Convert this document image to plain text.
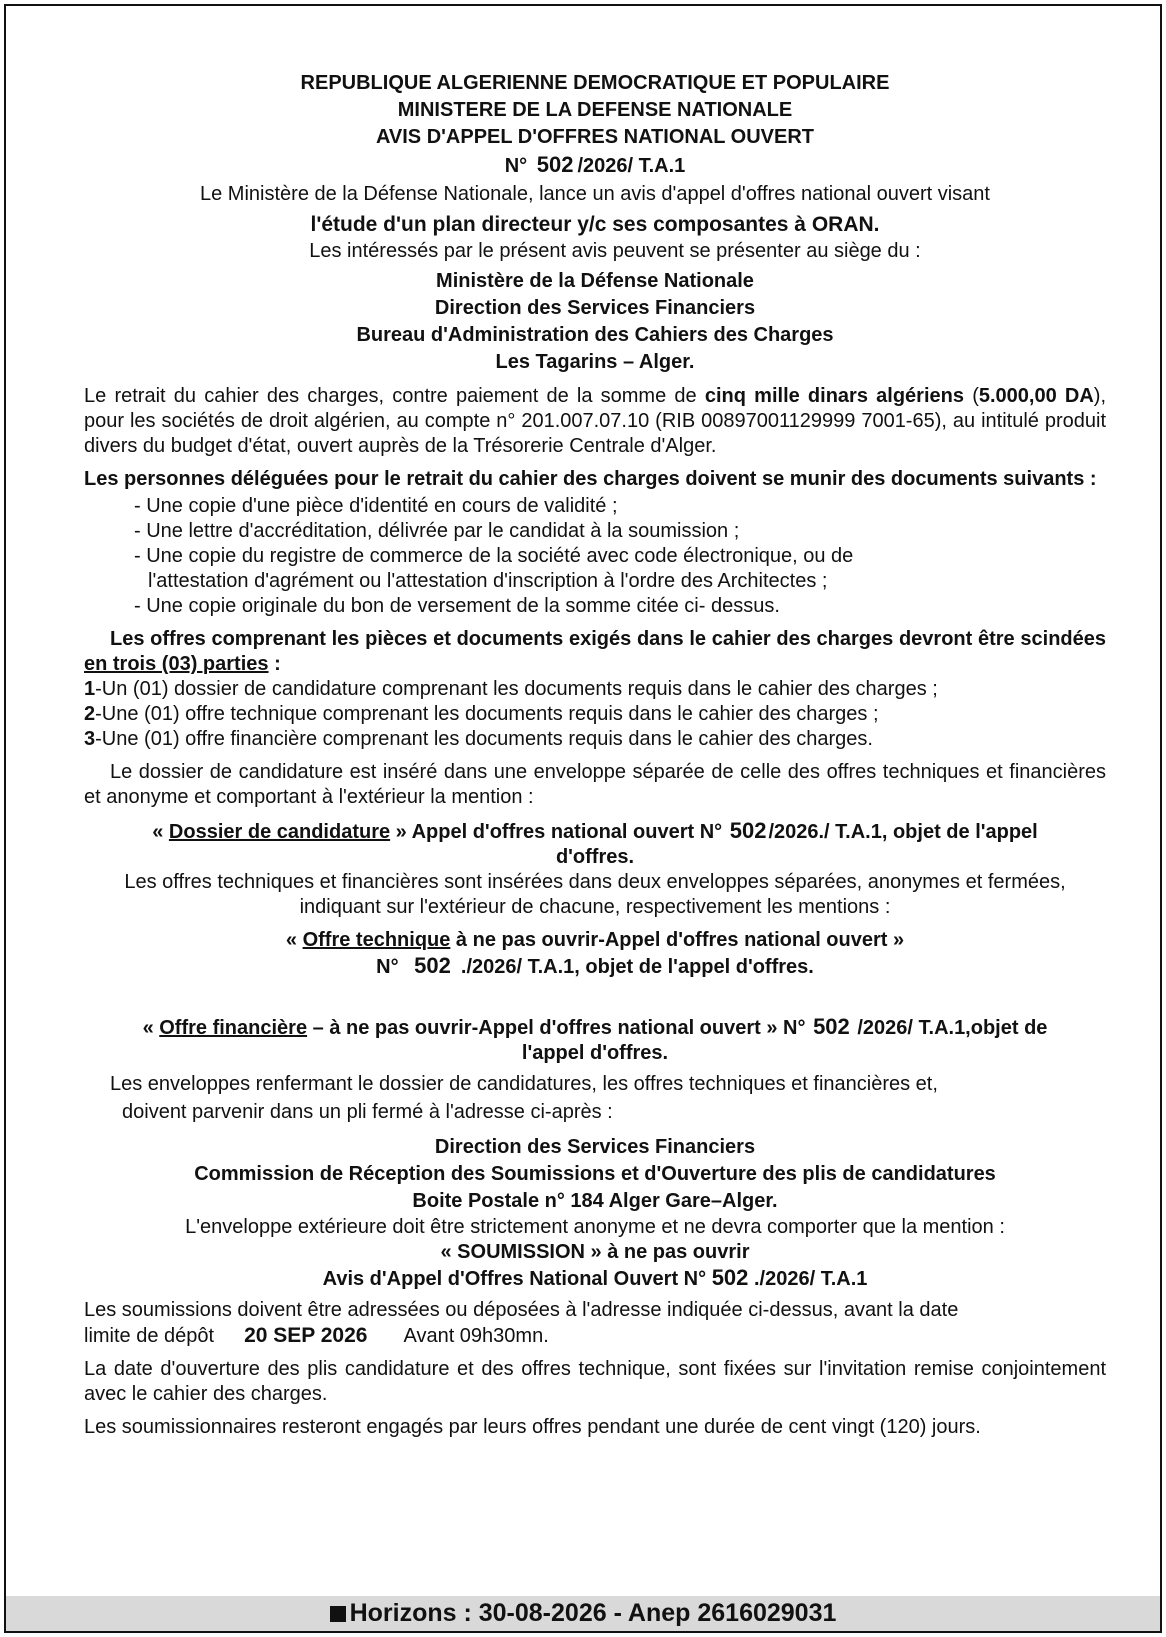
REPUBLIQUE ALGERIENNE DEMOCRATIQUE ET POPULAIRE
MINISTERE DE LA DEFENSE NATIONALE
AVIS D'APPEL D'OFFRES NATIONAL OUVERT
N° 502 /2026/ T.A.1
Le Ministère de la Défense Nationale, lance un avis d'appel d'offres national ouvert visant
l'étude d'un plan directeur y/c ses composantes à ORAN.
Les intéressés par le présent avis peuvent se présenter au siège du :
Ministère de la Défense Nationale
Direction des Services Financiers
Bureau d'Administration des Cahiers des Charges
Les Tagarins – Alger.
Le retrait du cahier des charges, contre paiement de la somme de cinq mille dinars algériens (5.000,00 DA), pour les sociétés de droit algérien, au compte n° 201.007.07.10 (RIB 00897001129999 7001-65), au intitulé produit divers du budget d'état, ouvert auprès de la Trésorerie Centrale d'Alger.
Les personnes déléguées pour le retrait du cahier des charges doivent se munir des documents suivants :
- Une copie d'une pièce d'identité en cours de validité ;
- Une lettre d'accréditation, délivrée par le candidat à la soumission ;
- Une copie du registre de commerce de la société avec code électronique, ou de
l'attestation d'agrément ou l'attestation d'inscription à l'ordre des Architectes ;
- Une copie originale du bon de versement de la somme citée ci- dessus.
Les offres comprenant les pièces et documents exigés dans le cahier des charges devront être scindées en trois (03) parties :
1-Un (01) dossier de candidature comprenant les documents requis dans le cahier des charges ;
2-Une (01) offre technique comprenant les documents requis dans le cahier des charges ;
3-Une (01) offre financière comprenant les documents requis dans le cahier des charges.
Le dossier de candidature est inséré dans une enveloppe séparée de celle des offres techniques et financières et anonyme et comportant à l'extérieur la mention :
« Dossier de candidature » Appel d'offres national ouvert N° 502 /2026./ T.A.1, objet de l'appel
d'offres.
Les offres techniques et financières sont insérées dans deux enveloppes séparées, anonymes et fermées, indiquant sur l'extérieur de chacune, respectivement les mentions :
« Offre technique à ne pas ouvrir-Appel d'offres national ouvert »
N° 502 ./2026/ T.A.1, objet de l'appel d'offres.
« Offre financière – à ne pas ouvrir-Appel d'offres national ouvert » N° 502 /2026/ T.A.1,objet de
l'appel d'offres.
Les enveloppes renfermant le dossier de candidatures, les offres techniques et financières et,
doivent parvenir dans un pli fermé à l'adresse ci-après :
Direction des Services Financiers
Commission de Réception des Soumissions et d'Ouverture des plis de candidatures
Boite Postale n° 184 Alger Gare–Alger.
L'enveloppe extérieure doit être strictement anonyme et ne devra comporter que la mention :
« SOUMISSION » à ne pas ouvrir
Avis d'Appel d'Offres National Ouvert N° 502 ./2026/ T.A.1
Les soumissions doivent être adressées ou déposées à l'adresse indiquée ci-dessus, avant la date
limite de dépôt 20 SEP 2026 Avant 09h30mn.
La date d'ouverture des plis candidature et des offres technique, sont fixées sur l'invitation remise conjointement avec le cahier des charges.
Les soumissionnaires resteront engagés par leurs offres pendant une durée de cent vingt (120) jours.
Horizons : 30-08-2026 - Anep 2616029031
